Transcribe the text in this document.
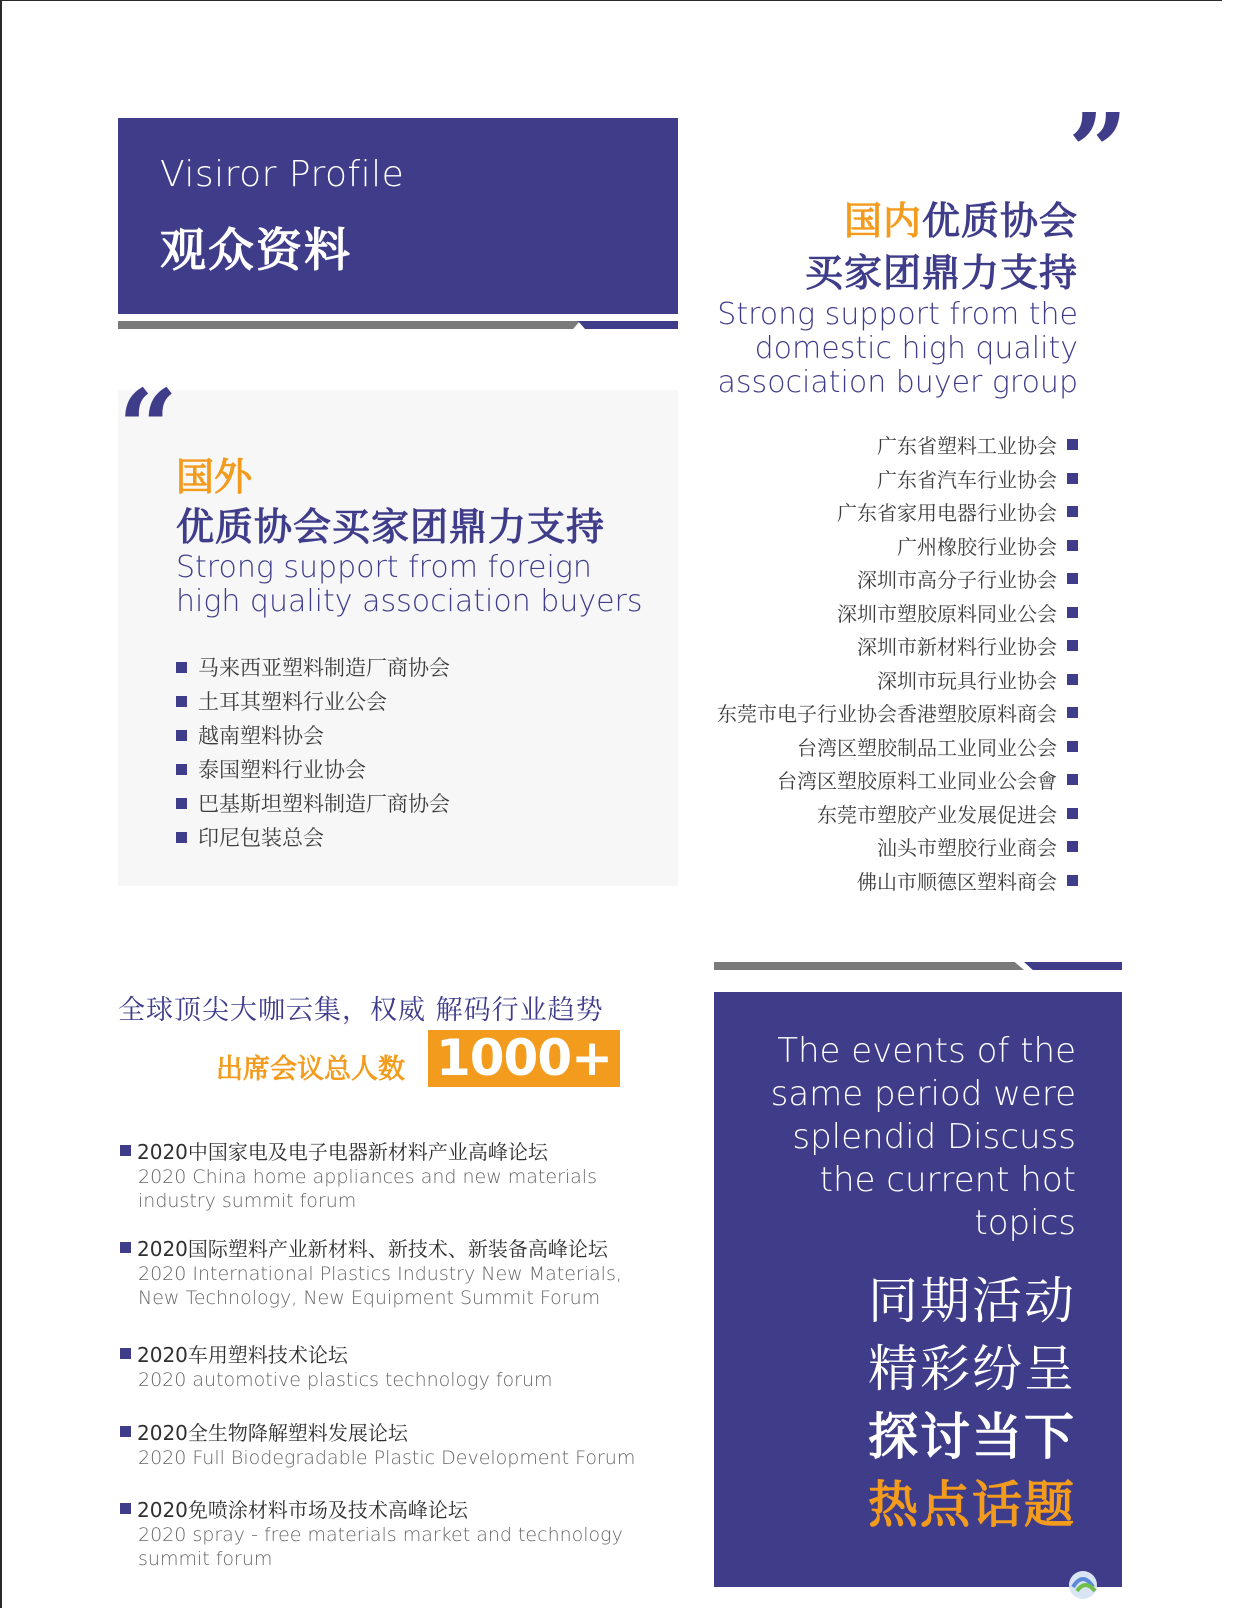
Visiror Profile
观众资料
“
国外
优质协会买家团鼎力支持
Strong support from foreign high quality association buyers
马来西亚塑料制造厂商协会
土耳其塑料行业公会
越南塑料协会
泰国塑料行业协会
巴基斯坦塑料制造厂商协会
印尼包装总会
”
国内优质协会
买家团鼎力支持
Strong support from the domestic high quality association buyer group
广东省塑料工业协会
广东省汽车行业协会
广东省家用电器行业协会
广州橡胶行业协会
深圳市高分子行业协会
深圳市塑胶原料同业公会
深圳市新材料行业协会
深圳市玩具行业协会
东莞市电子行业协会香港塑胶原料商会
台湾区塑胶制品工业同业公会
台湾区塑胶原料工业同业公会會
东莞市塑胶产业发展促进会
汕头市塑胶行业商会
佛山市顺德区塑料商会
全球顶尖大咖云集，权威 解码行业趋势
出席会议总人数 1000+
2020中国家电及电子电器新材料产业高峰论坛
2020 China home appliances and new materials industry summit forum
2020国际塑料产业新材料、新技术、新装备高峰论坛
2020 International Plastics Industry New Materials, New Technology, New Equipment Summit Forum
2020车用塑料技术论坛
2020 automotive plastics technology forum
2020全生物降解塑料发展论坛
2020 Full Biodegradable Plastic Development Forum
2020免喷涂材料市场及技术高峰论坛
2020 spray - free materials market and technology summit forum
The events of the same period were splendid Discuss the current hot topics
同期活动
精彩纷呈
探讨当下
热点话题
